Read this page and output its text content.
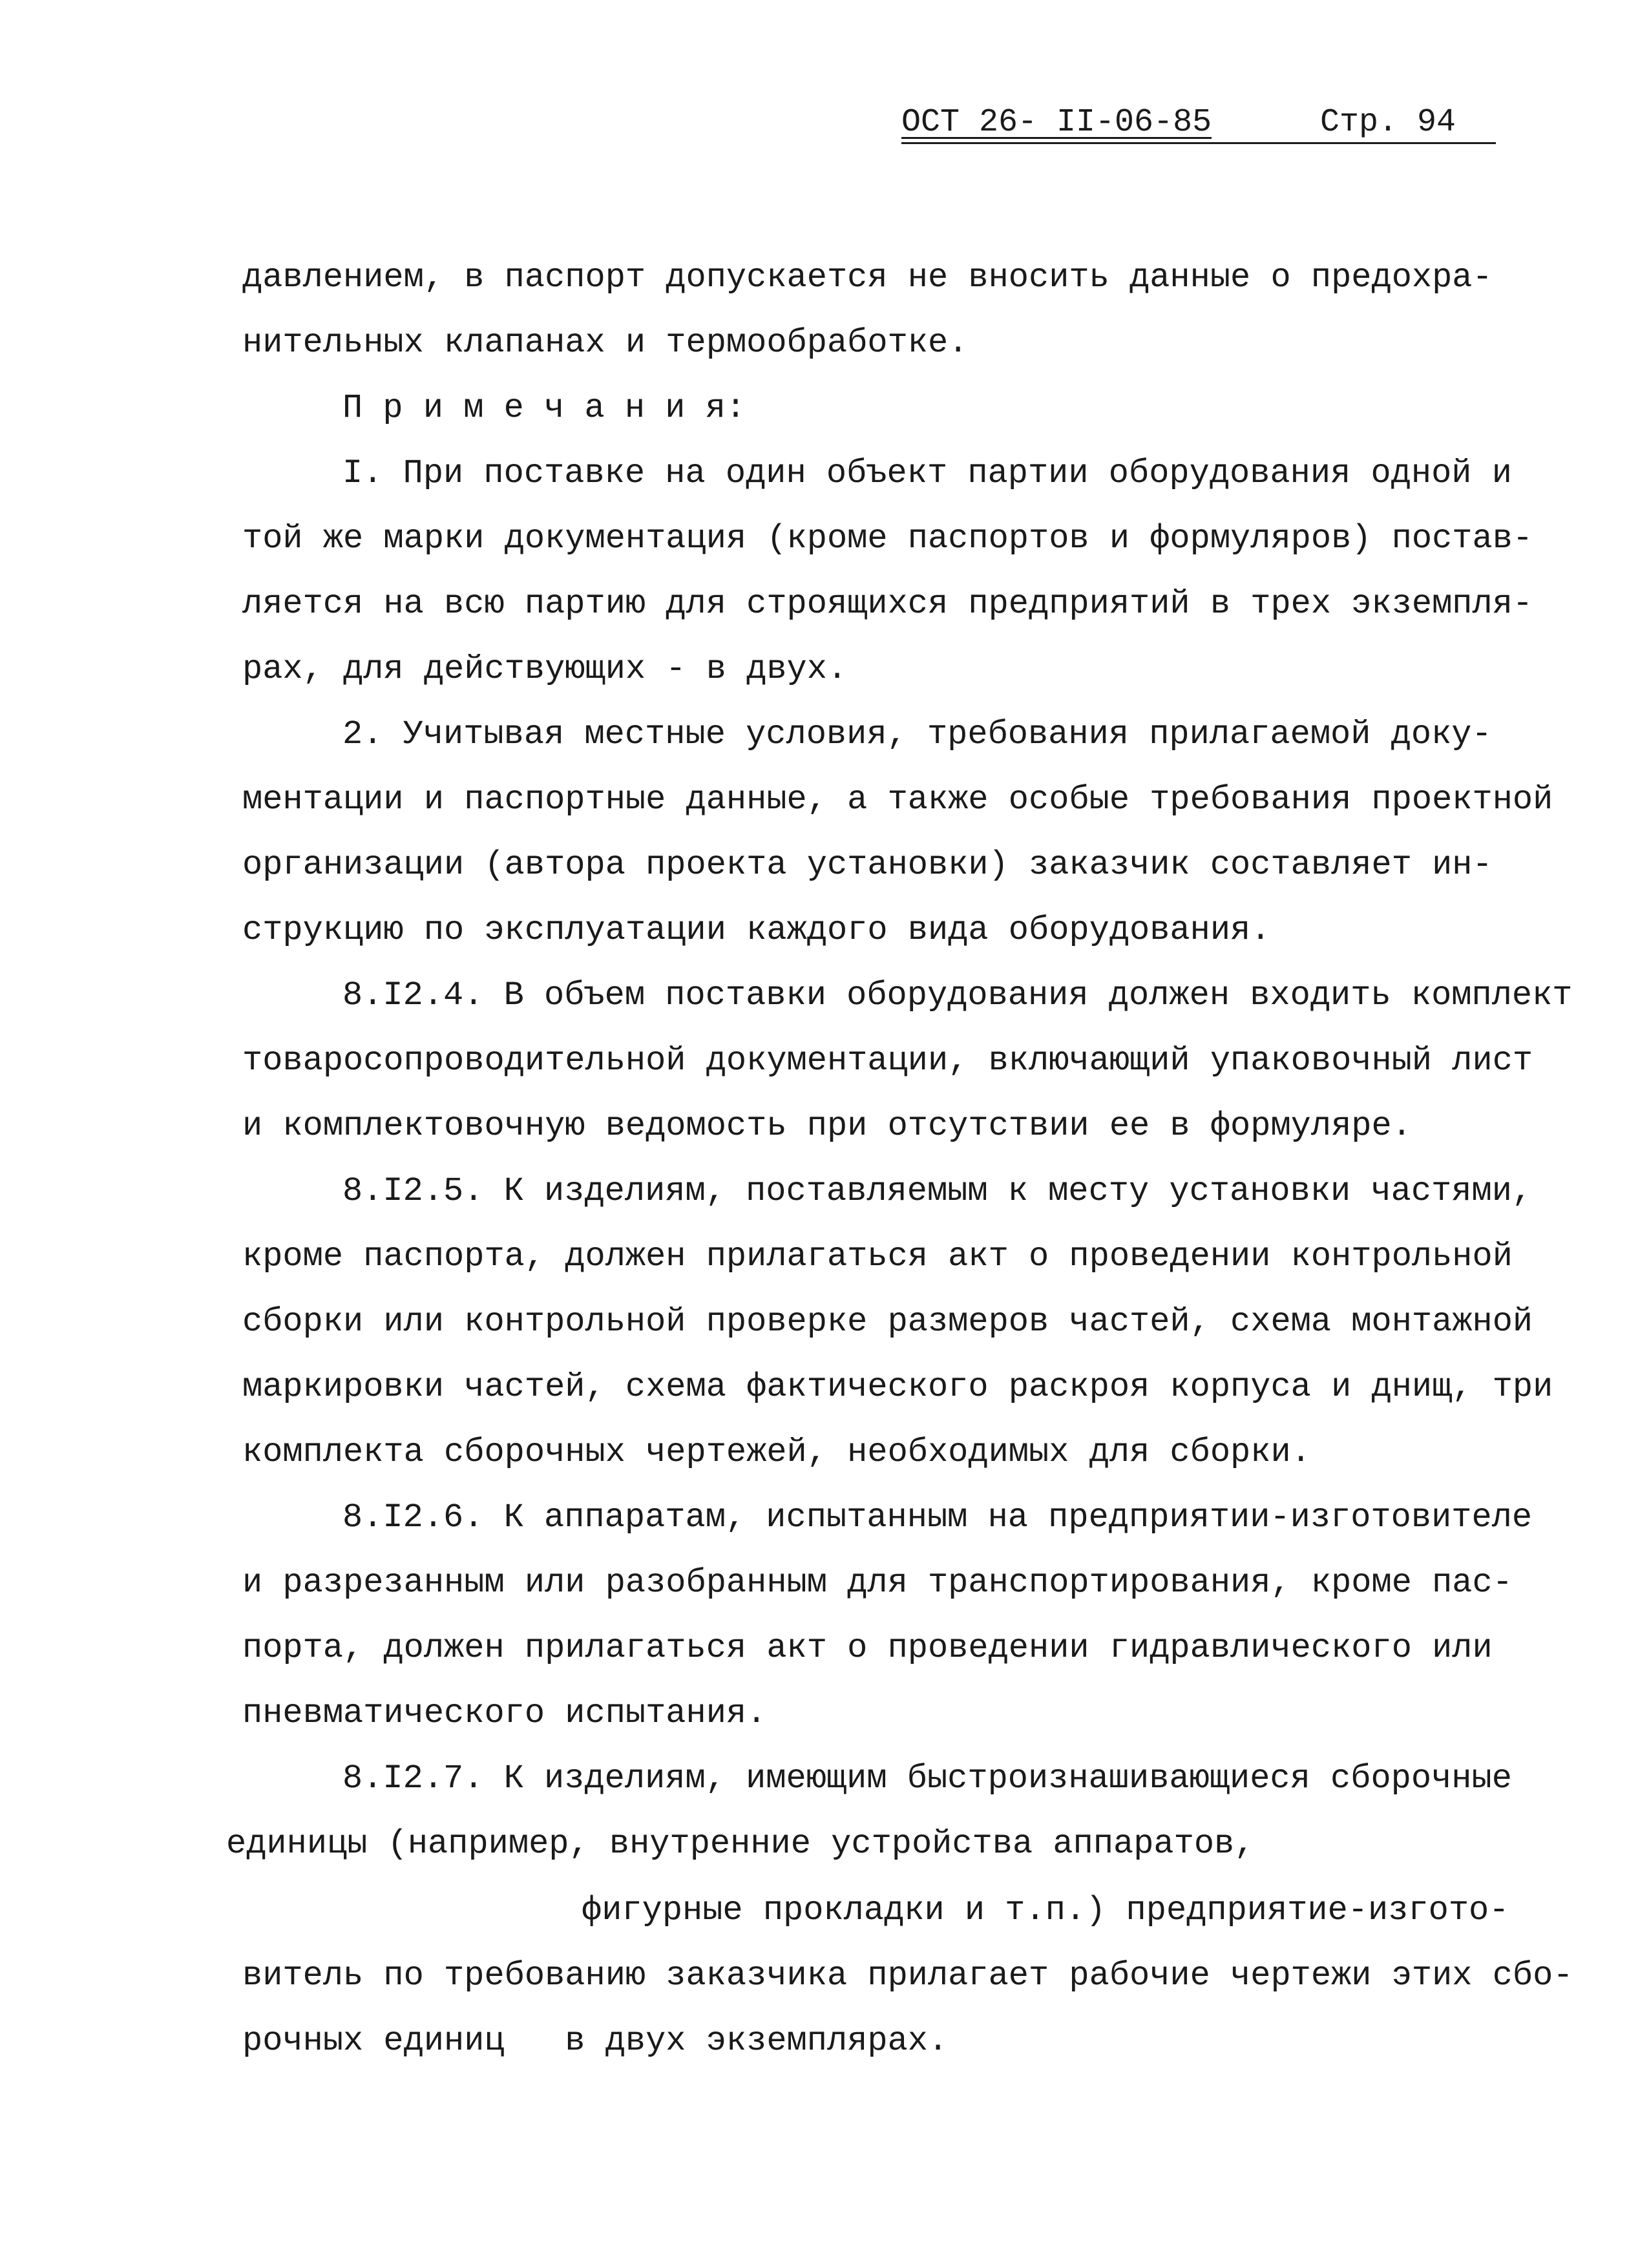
ОСТ 26- II-06-85	Стр. 94
давлением, в паспорт допускается не вносить данные о предохра-
нительных клапанах и термообработке.
П р и м е ч а н и я:
I. При поставке на один объект партии оборудования одной и
той же марки документация (кроме паспортов и формуляров) постав-
ляется на всю партию для строящихся предприятий в трех экземпля-
рах, для действующих - в двух.
2. Учитывая местные условия, требования прилагаемой доку-
ментации и паспортные данные, а также особые требования проектной
организации (автора проекта установки) заказчик составляет ин-
струкцию по эксплуатации каждого вида оборудования.
8.I2.4. В объем поставки оборудования должен входить комплект
товаросопроводительной документации, включающий упаковочный лист
и комплектовочную ведомость при отсутствии ее в формуляре.
8.I2.5. К изделиям, поставляемым к месту установки частями,
кроме паспорта, должен прилагаться акт о проведении контрольной
сборки или контрольной проверке размеров частей, схема монтажной
маркировки частей, схема фактического раскроя корпуса и днищ, три
комплекта сборочных чертежей, необходимых для сборки.
8.I2.6. К аппаратам, испытанным на предприятии-изготовителе
и разрезанным или разобранным для транспортирования, кроме пас-
порта, должен прилагаться акт о проведении гидравлического или
пневматического испытания.
8.I2.7. К изделиям, имеющим быстроизнашивающиеся сборочные
единицы (например, внутренние устройства аппаратов,
фигурные прокладки и т.п.) предприятие-изгото-
витель по требованию заказчика прилагает рабочие чертежи этих сбо-
рочных единиц   в двух экземплярах.
